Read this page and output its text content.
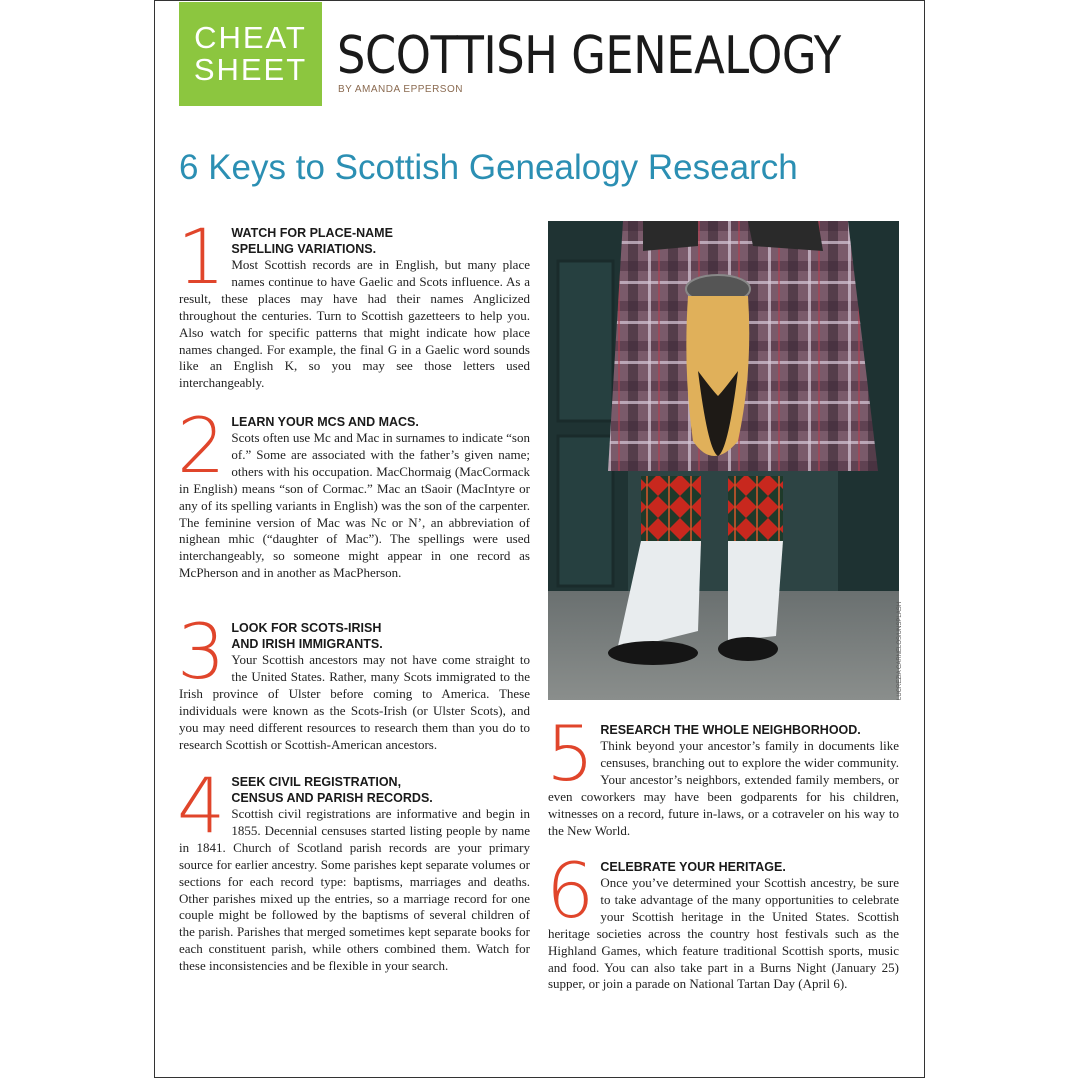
CHEAT
SHEET SCOTTISH GENEALOGY
BY AMANDA EPPERSON
6 Keys to Scottish Genealogy Research
1 WATCH FOR PLACE-NAME
SPELLING VARIATIONS.
Most Scottish records are in English, but many place names continue to have Gaelic and Scots influence. As a result, these places may have had their names Anglicized throughout the centuries. Turn to Scottish gazetteers to help you. Also watch for specific patterns that might indicate how place names changed. For example, the final G in a Gaelic word sounds like an English K, so you may see those letters used interchangeably.
2 LEARN YOUR MCS AND MACS.
Scots often use Mc and Mac in surnames to indicate “son of.” Some are associated with the father’s given name; others with his occupation. MacChormaig (MacCormack in English) means “son of Cormac.” Mac an tSaoir (MacIntyre or any of its spelling variants in English) was the son of the carpenter. The feminine version of Mac was Nc or N’, an abbreviation of nighean mhic (“daughter of Mac”). The spellings were used interchangeably, so someone might appear in one record as McPherson and in another as MacPherson.
3 LOOK FOR SCOTS-IRISH
AND IRISH IMMIGRANTS.
Your Scottish ancestors may not have come straight to the United States. Rather, many Scots immigrated to the Irish province of Ulster before coming to America. These individuals were known as the Scots-Irish (or Ulster Scots), and you may need different resources to research them than you do to research Scottish or Scottish-American ancestors.
4 SEEK CIVIL REGISTRATION,
CENSUS AND PARISH RECORDS.
Scottish civil registrations are informative and begin in 1855. Decennial censuses started listing people by name in 1841. Church of Scotland parish records are your primary source for earlier ancestry. Some parishes kept separate volumes or sections for each record type: baptisms, marriages and deaths. Other parishes mixed up the entries, so a marriage record for one couple might be followed by the baptisms of several children of the parish. Parishes that merged sometimes kept separate books for each constituent parish, while others combined them. Watch for these inconsistencies and be flexible in your search.
LUCREZIA CARNELOS/UNSPLASH
5 RESEARCH THE WHOLE NEIGHBORHOOD.
Think beyond your ancestor’s family in documents like censuses, branching out to explore the wider community. Your ancestor’s neighbors, extended family members, or even coworkers may have been godparents for his children, witnesses on a record, future in-laws, or a cotraveler on his way to the New World.
6 CELEBRATE YOUR HERITAGE.
Once you’ve determined your Scottish ancestry, be sure to take advantage of the many opportunities to celebrate your Scottish heritage in the United States. Scottish heritage societies across the country host festivals such as the Highland Games, which feature traditional Scottish sports, music and food. You can also take part in a Burns Night (January 25) supper, or join a parade on National Tartan Day (April 6).
